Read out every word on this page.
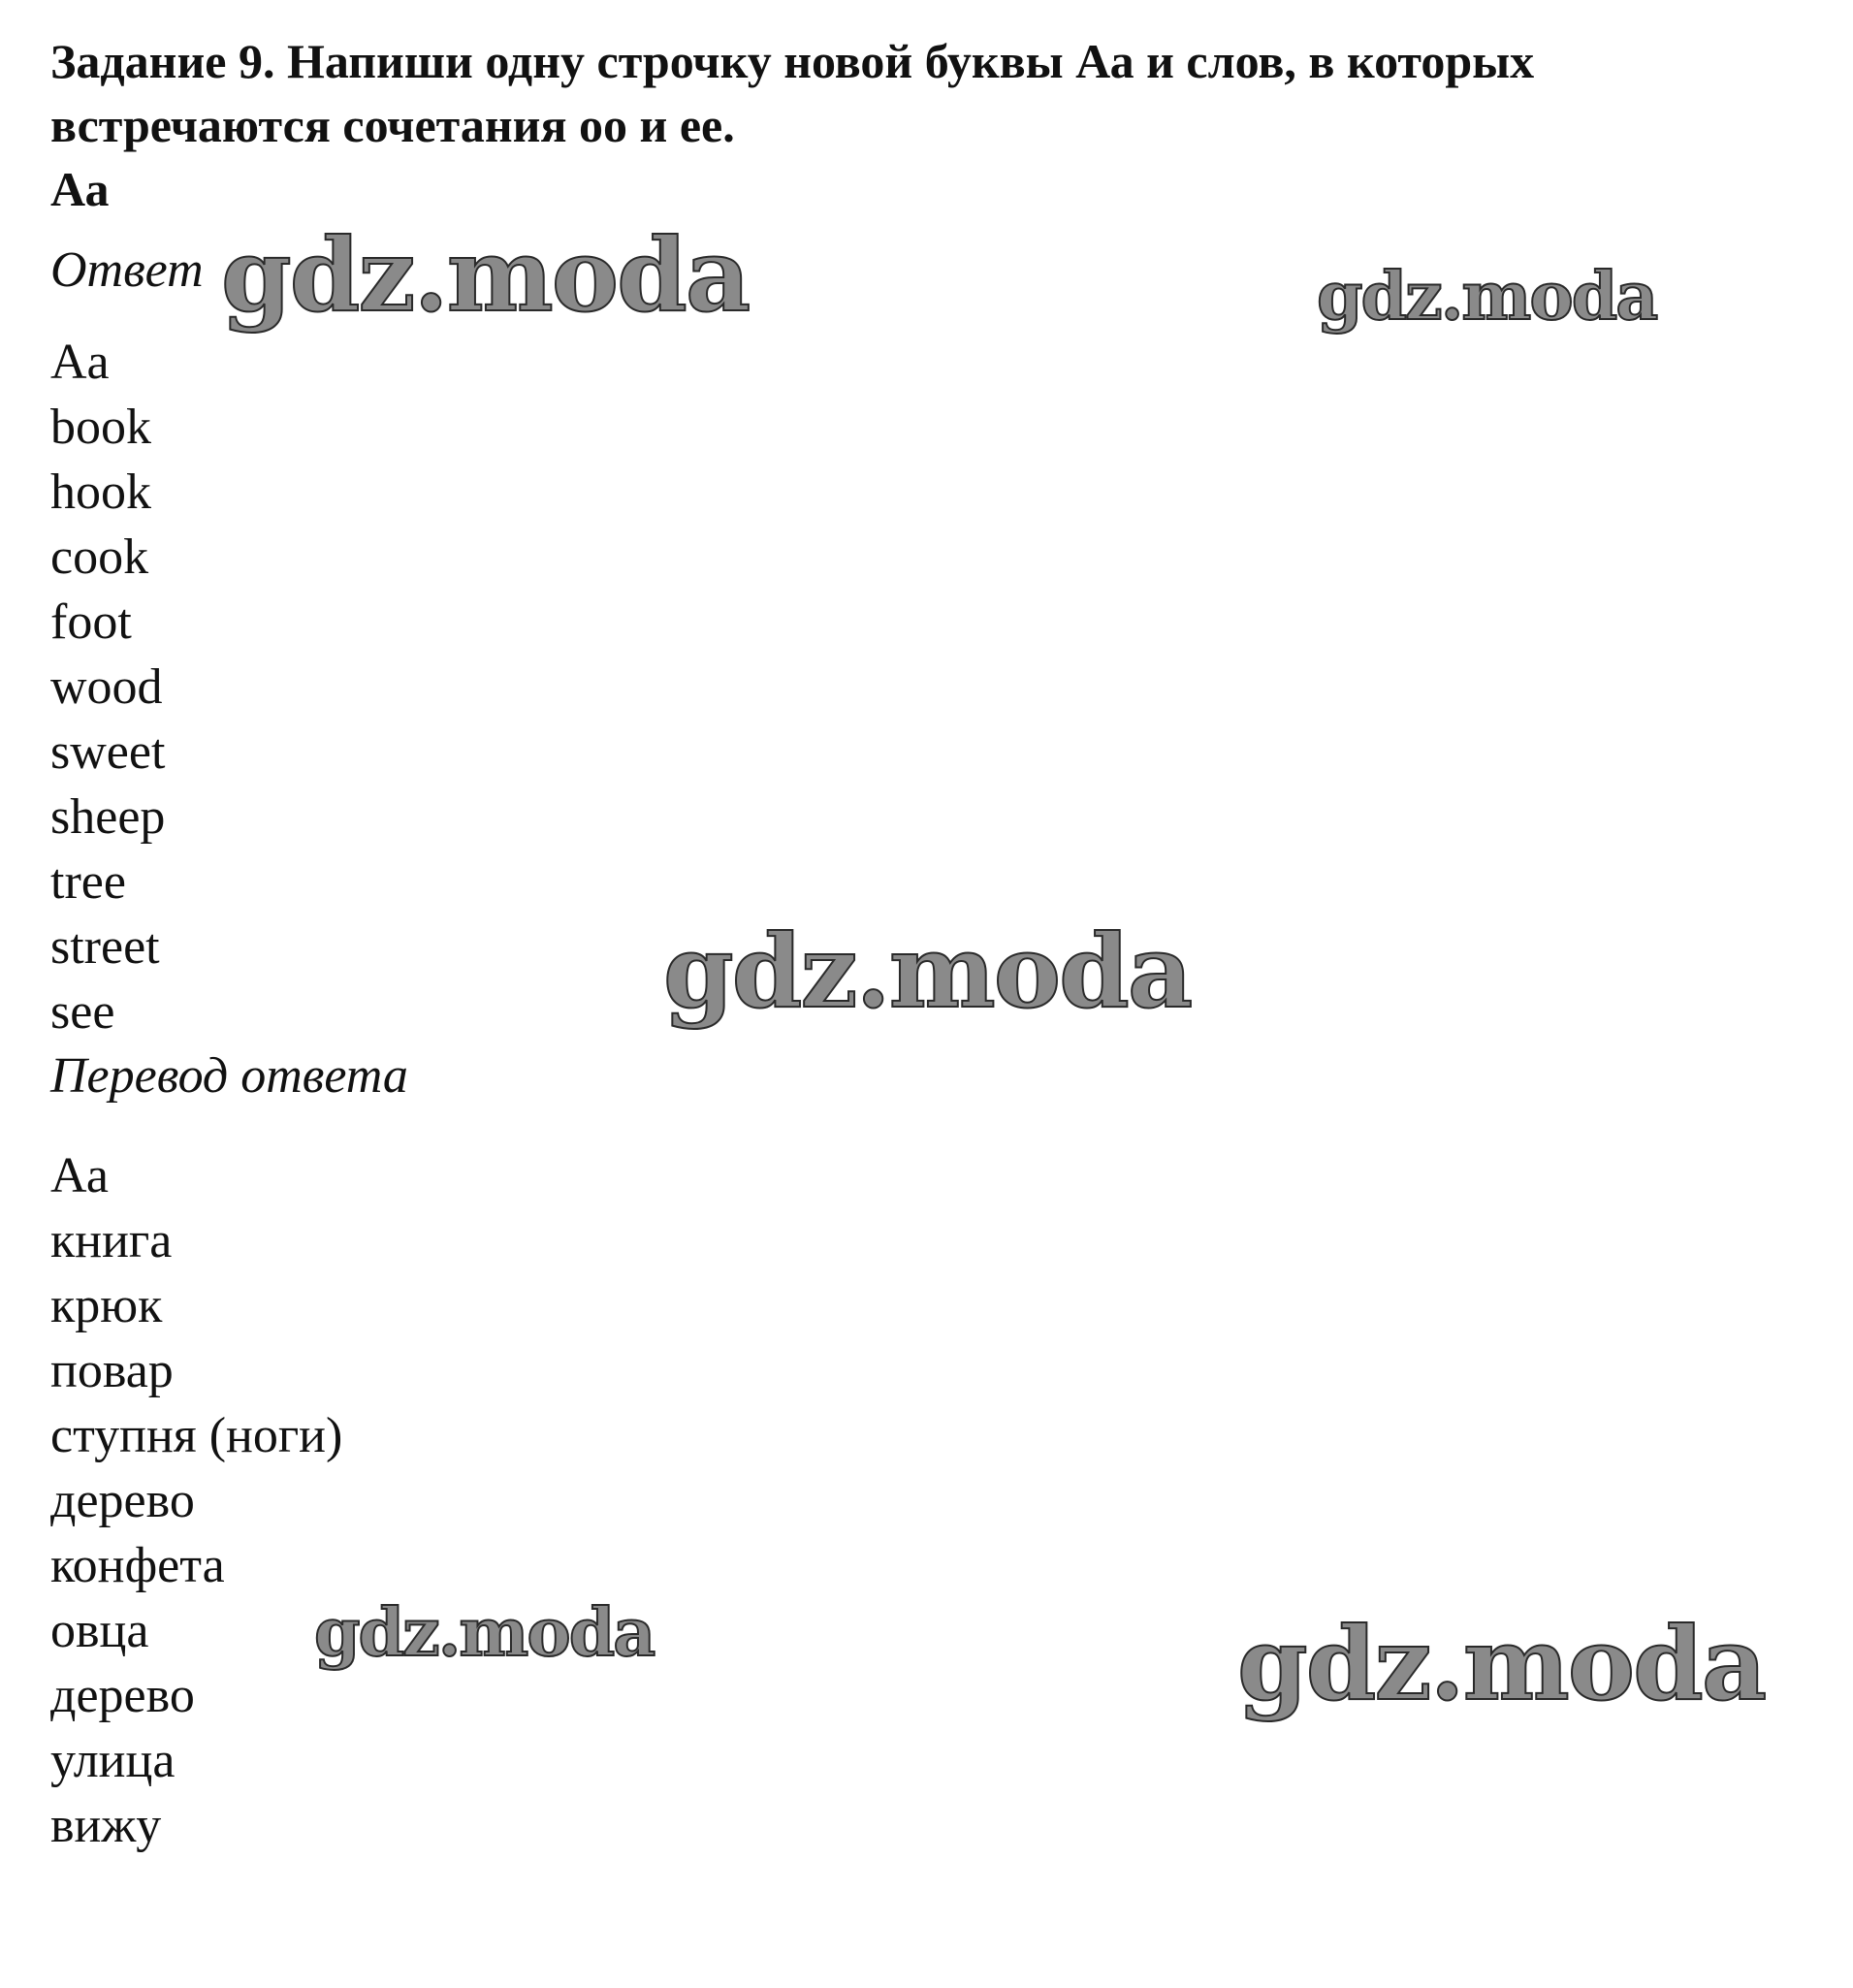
Задание 9. Напиши одну строчку новой буквы Аа и слов, в которых встречаются сочетания оо и ее.

Аа

Ответ

Aa
book
hook
cook
foot
wood
sweet
sheep
tree
street
see

Перевод ответа

Аа
книга
крюк
повар
ступня (ноги)
дерево
конфета
овца
дерево
улица
вижу
gdz.moda	gdz.moda
gdz.moda
gdz.moda	gdz.moda
